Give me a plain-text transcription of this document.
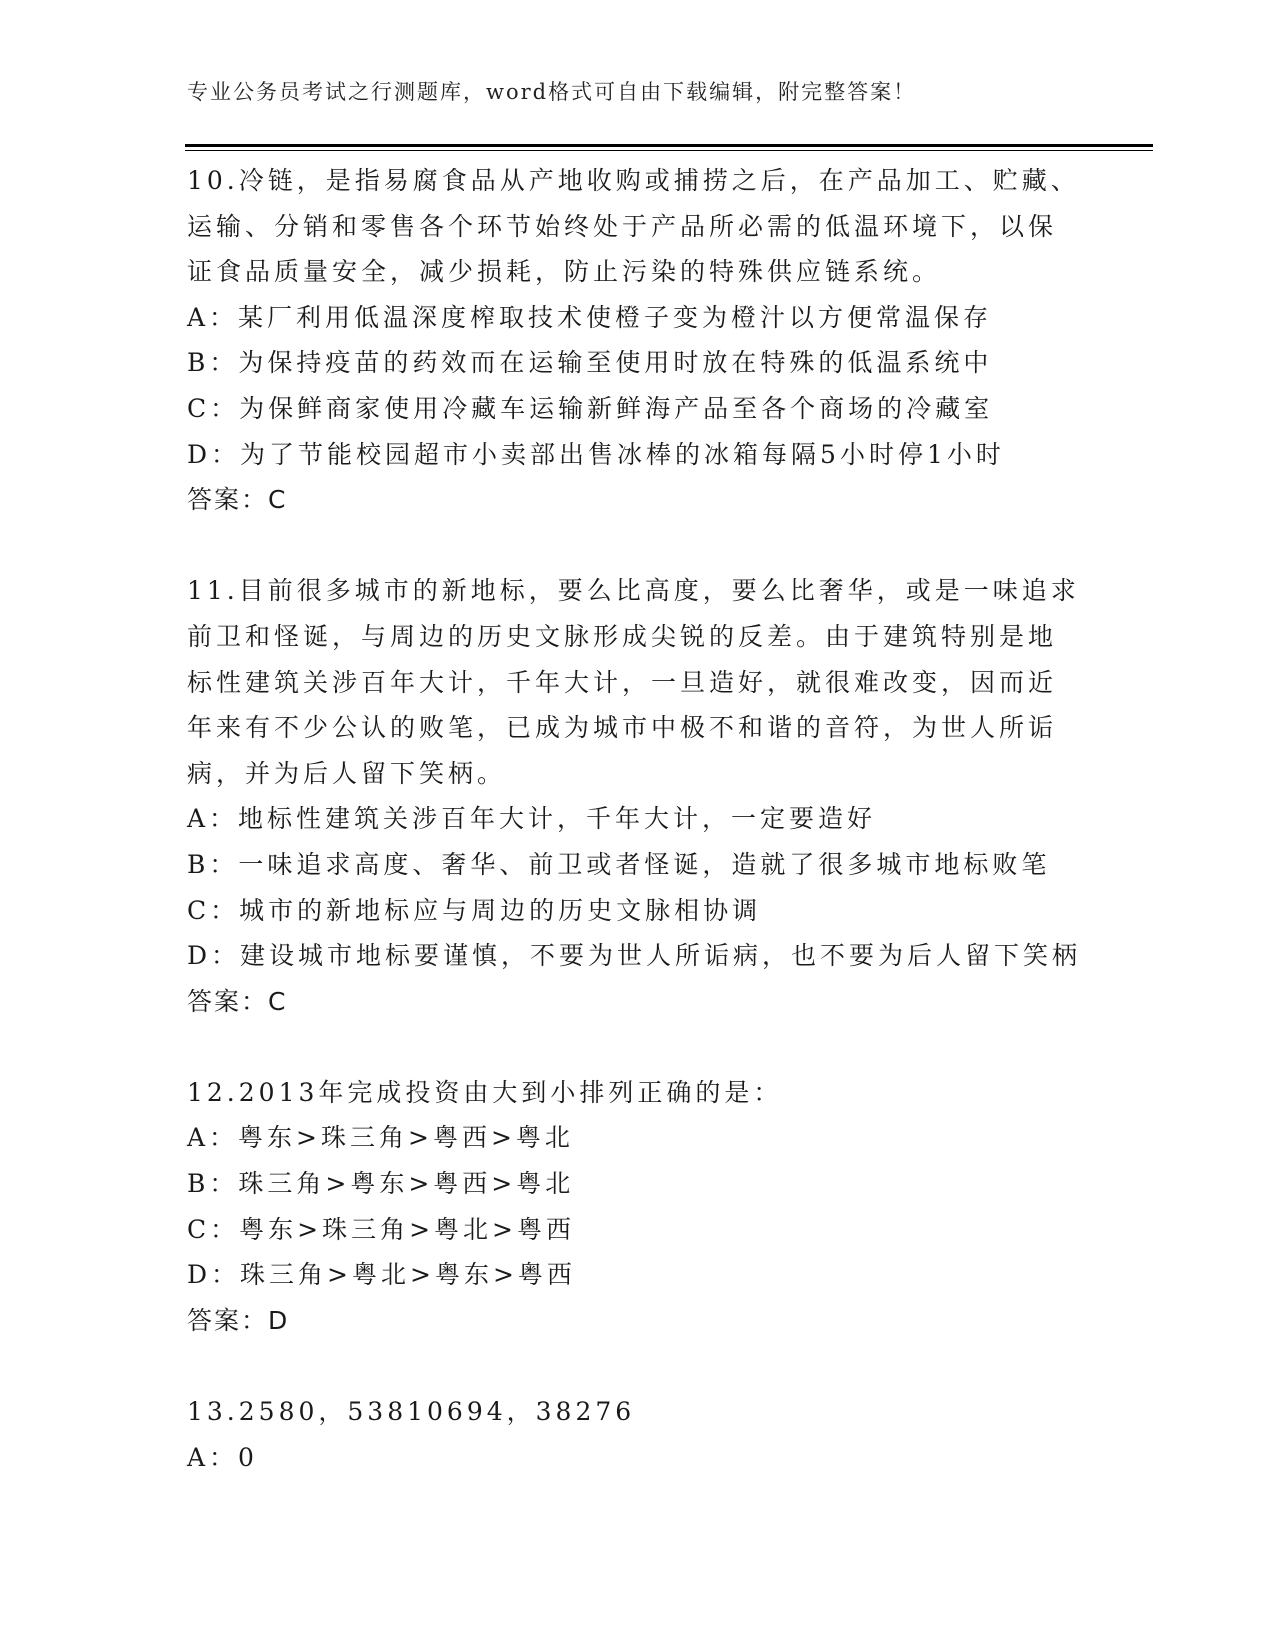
专业公务员考试之行测题库，word格式可自由下载编辑，附完整答案！
10.冷链，是指易腐食品从产地收购或捕捞之后，在产品加工、贮藏、
运输、分销和零售各个环节始终处于产品所必需的低温环境下，以保
证食品质量安全，减少损耗，防止污染的特殊供应链系统。
A：某厂利用低温深度榨取技术使橙子变为橙汁以方便常温保存
B：为保持疫苗的药效而在运输至使用时放在特殊的低温系统中
C：为保鲜商家使用冷藏车运输新鲜海产品至各个商场的冷藏室
D：为了节能校园超市小卖部出售冰棒的冰箱每隔5小时停1小时
答案：C
11.目前很多城市的新地标，要么比高度，要么比奢华，或是一味追求
前卫和怪诞，与周边的历史文脉形成尖锐的反差。由于建筑特别是地
标性建筑关涉百年大计，千年大计，一旦造好，就很难改变，因而近
年来有不少公认的败笔，已成为城市中极不和谐的音符，为世人所诟
病，并为后人留下笑柄。
A：地标性建筑关涉百年大计，千年大计，一定要造好
B：一味追求高度、奢华、前卫或者怪诞，造就了很多城市地标败笔
C：城市的新地标应与周边的历史文脉相协调
D：建设城市地标要谨慎，不要为世人所诟病，也不要为后人留下笑柄
答案：C
12.2013年完成投资由大到小排列正确的是：
A：粤东>珠三角>粤西>粤北
B：珠三角>粤东>粤西>粤北
C：粤东>珠三角>粤北>粤西
D：珠三角>粤北>粤东>粤西
答案：D
13.2580，53810694，38276
A：0
